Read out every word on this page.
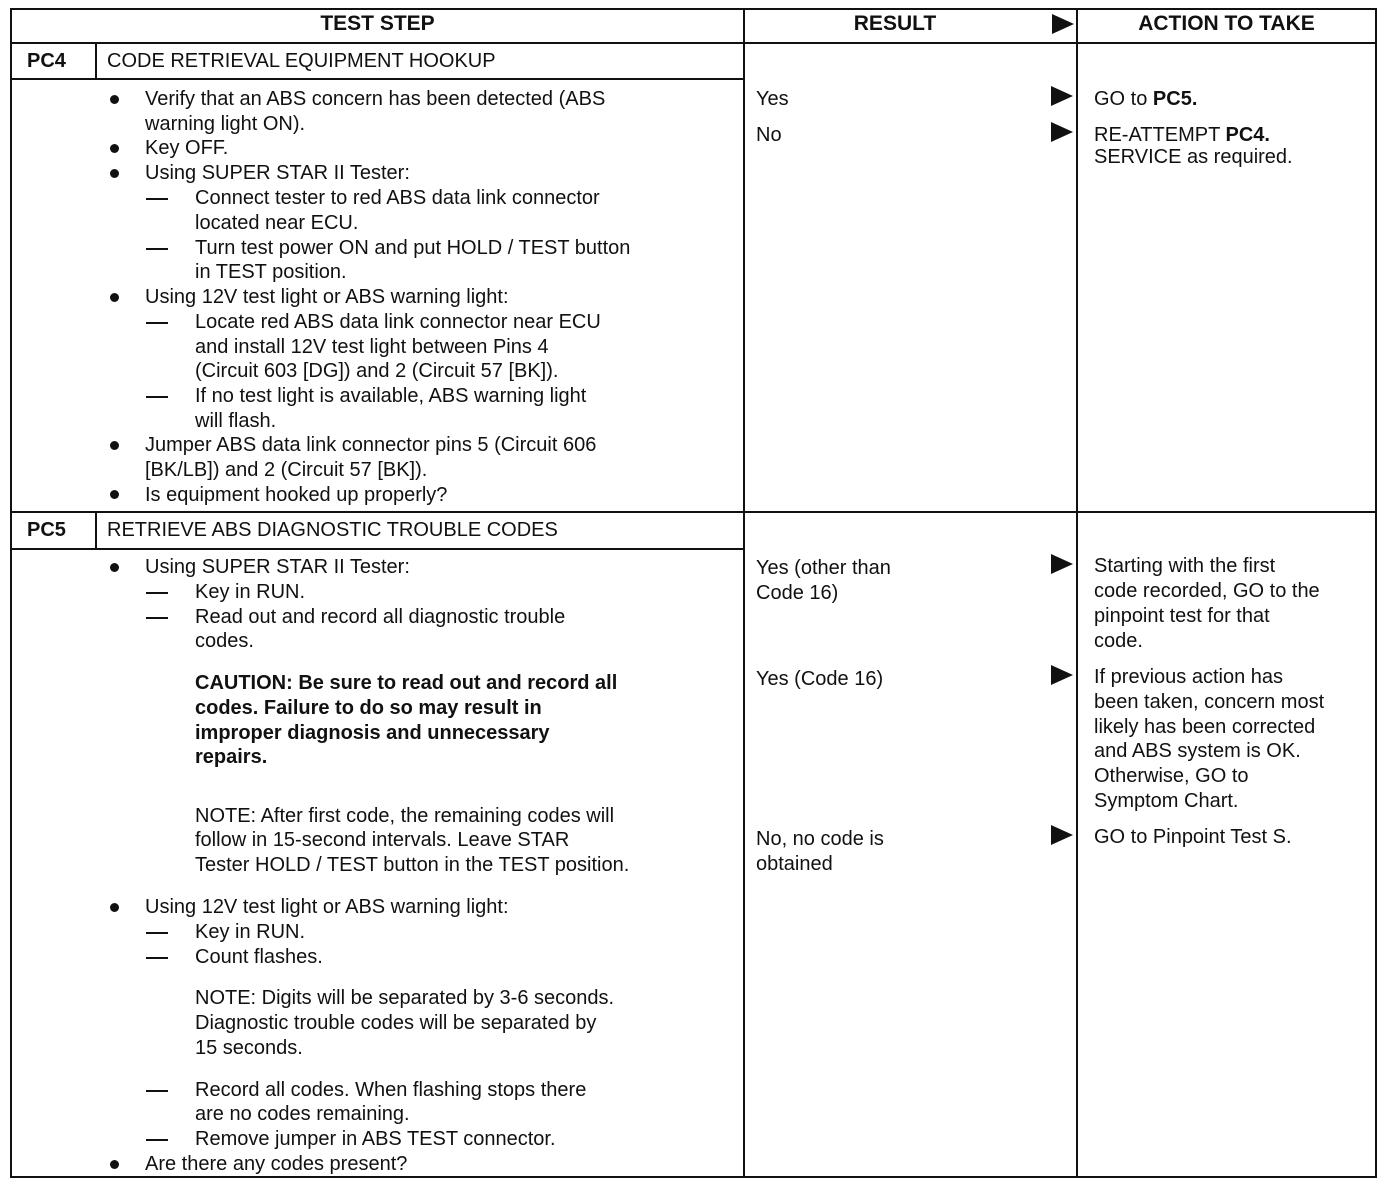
TEST STEP	RESULT	ACTION TO TAKE
PC4 CODE RETRIEVAL EQUIPMENT HOOKUP
Verify that an ABS concern has been detected (ABS
warning light ON).
Key OFF.
Using SUPER STAR II Tester:
Connect tester to red ABS data link connector
located near ECU.
Turn test power ON and put HOLD / TEST button
in TEST position.
Using 12V test light or ABS warning light:
Locate red ABS data link connector near ECU
and install 12V test light between Pins 4
(Circuit 603 [DG]) and 2 (Circuit 57 [BK]).
If no test light is available, ABS warning light
will flash.
Jumper ABS data link connector pins 5 (Circuit 606
[BK/LB]) and 2 (Circuit 57 [BK]).
Is equipment hooked up properly?
Yes
No
GO to PC5.
RE-ATTEMPT PC4.
SERVICE as required.
PC5 RETRIEVE ABS DIAGNOSTIC TROUBLE CODES
Using SUPER STAR II Tester:
Key in RUN.
Read out and record all diagnostic trouble
codes.
CAUTION: Be sure to read out and record all
codes. Failure to do so may result in
improper diagnosis and unnecessary
repairs.
NOTE: After first code, the remaining codes will
follow in 15-second intervals. Leave STAR
Tester HOLD / TEST button in the TEST position.
Using 12V test light or ABS warning light:
Key in RUN.
Count flashes.
NOTE: Digits will be separated by 3-6 seconds.
Diagnostic trouble codes will be separated by
15 seconds.
Record all codes. When flashing stops there
are no codes remaining.
Remove jumper in ABS TEST connector.
Are there any codes present?
Yes (other than
Code 16)
Yes (Code 16)
No, no code is
obtained
Starting with the first
code recorded, GO to the
pinpoint test for that
code.
If previous action has
been taken, concern most
likely has been corrected
and ABS system is OK.
Otherwise, GO to
Symptom Chart.
GO to Pinpoint Test S.
